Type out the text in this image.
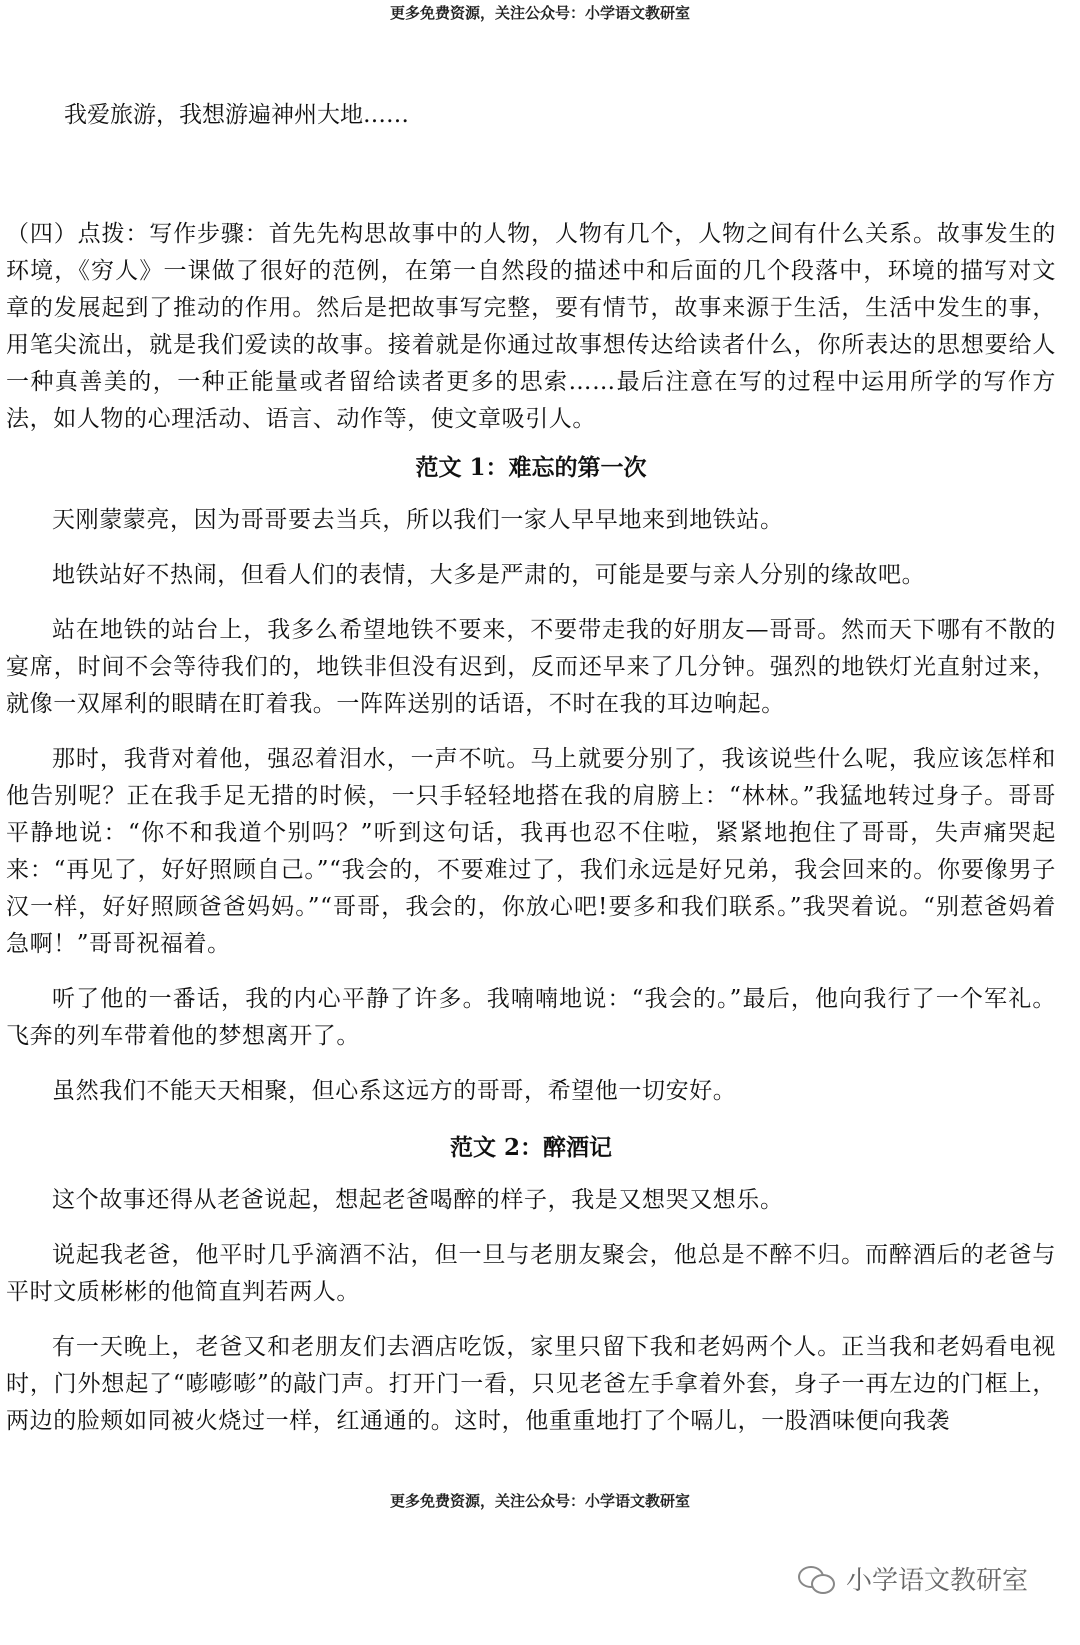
更多免费资源，关注公众号：小学语文教研室
我爱旅游，我想游遍神州大地……

（四）点拨：写作步骤：首先先构思故事中的人物，人物有几个，人物之间有什么关系。故事发生的环境，《穷人》一课做了很好的范例，在第一自然段的描述中和后面的几个段落中，环境的描写对文章的发展起到了推动的作用。然后是把故事写完整，要有情节，故事来源于生活，生活中发生的事，用笔尖流出，就是我们爱读的故事。接着就是你通过故事想传达给读者什么，你所表达的思想要给人一种真善美的，一种正能量或者留给读者更多的思索……最后注意在写的过程中运用所学的写作方法，如人物的心理活动、语言、动作等，使文章吸引人。

范文 1：难忘的第一次

天刚蒙蒙亮，因为哥哥要去当兵，所以我们一家人早早地来到地铁站。

地铁站好不热闹，但看人们的表情，大多是严肃的，可能是要与亲人分别的缘故吧。

站在地铁的站台上，我多么希望地铁不要来，不要带走我的好朋友—哥哥。然而天下哪有不散的宴席，时间不会等待我们的，地铁非但没有迟到，反而还早来了几分钟。强烈的地铁灯光直射过来，就像一双犀利的眼睛在盯着我。一阵阵送别的话语，不时在我的耳边响起。

那时，我背对着他，强忍着泪水，一声不吭。马上就要分别了，我该说些什么呢，我应该怎样和他告别呢？正在我手足无措的时候，一只手轻轻地搭在我的肩膀上：“林林。”我猛地转过身子。哥哥平静地说：“你不和我道个别吗？”听到这句话，我再也忍不住啦，紧紧地抱住了哥哥，失声痛哭起来：“再见了，好好照顾自己。”“我会的，不要难过了，我们永远是好兄弟，我会回来的。你要像男子汉一样，好好照顾爸爸妈妈。”“哥哥，我会的，你放心吧!要多和我们联系。”我哭着说。“别惹爸妈着急啊！”哥哥祝福着。

听了他的一番话，我的内心平静了许多。我喃喃地说：“我会的。”最后，他向我行了一个军礼。飞奔的列车带着他的梦想离开了。

虽然我们不能天天相聚，但心系这远方的哥哥，希望他一切安好。

范文 2：醉酒记

这个故事还得从老爸说起，想起老爸喝醉的样子，我是又想哭又想乐。

说起我老爸，他平时几乎滴酒不沾，但一旦与老朋友聚会，他总是不醉不归。而醉酒后的老爸与平时文质彬彬的他简直判若两人。

有一天晚上，老爸又和老朋友们去酒店吃饭，家里只留下我和老妈两个人。正当我和老妈看电视时，门外想起了“嘭嘭嘭”的敲门声。打开门一看，只见老爸左手拿着外套，身子一再左边的门框上，两边的脸颊如同被火烧过一样，红通通的。这时，他重重地打了个嗝儿，一股酒味便向我袭

更多免费资源，关注公众号：小学语文教研室
小学语文教研室
